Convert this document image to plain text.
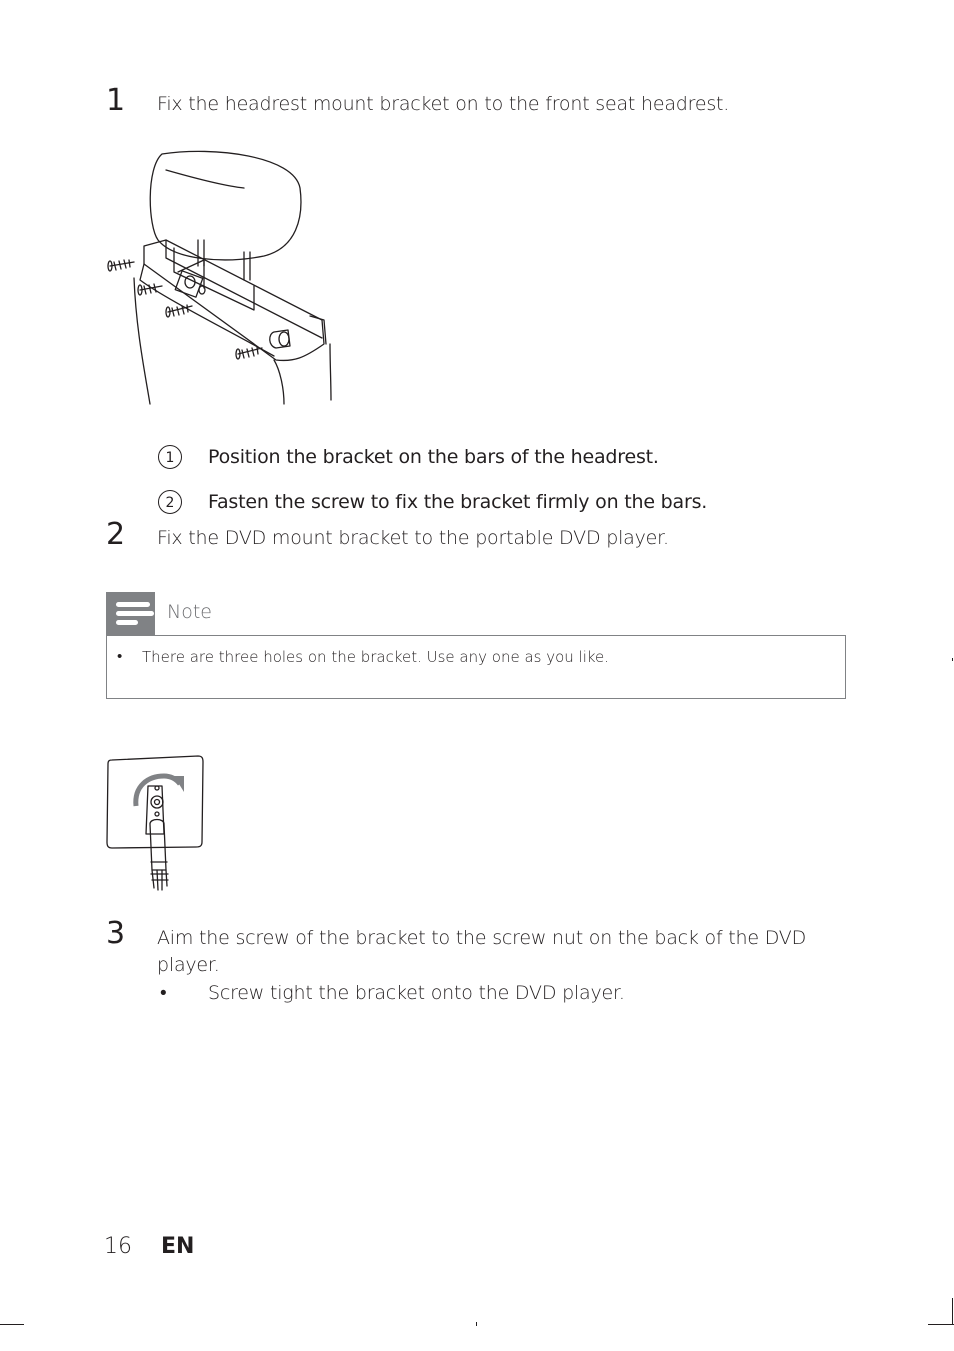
1 Fix the headrest mount bracket on to the front seat headrest.
1	Position the bracket on the bars of the headrest.
2	Fasten the screw to fix the bracket firmly on the bars.
2 Fix the DVD mount bracket to the portable DVD player.
Note
• There are three holes on the bracket. Use any one as you like.
3 Aim the screw of the bracket to the screw nut on the back of the DVD player.
• Screw tight the bracket onto the DVD player.
16 EN
